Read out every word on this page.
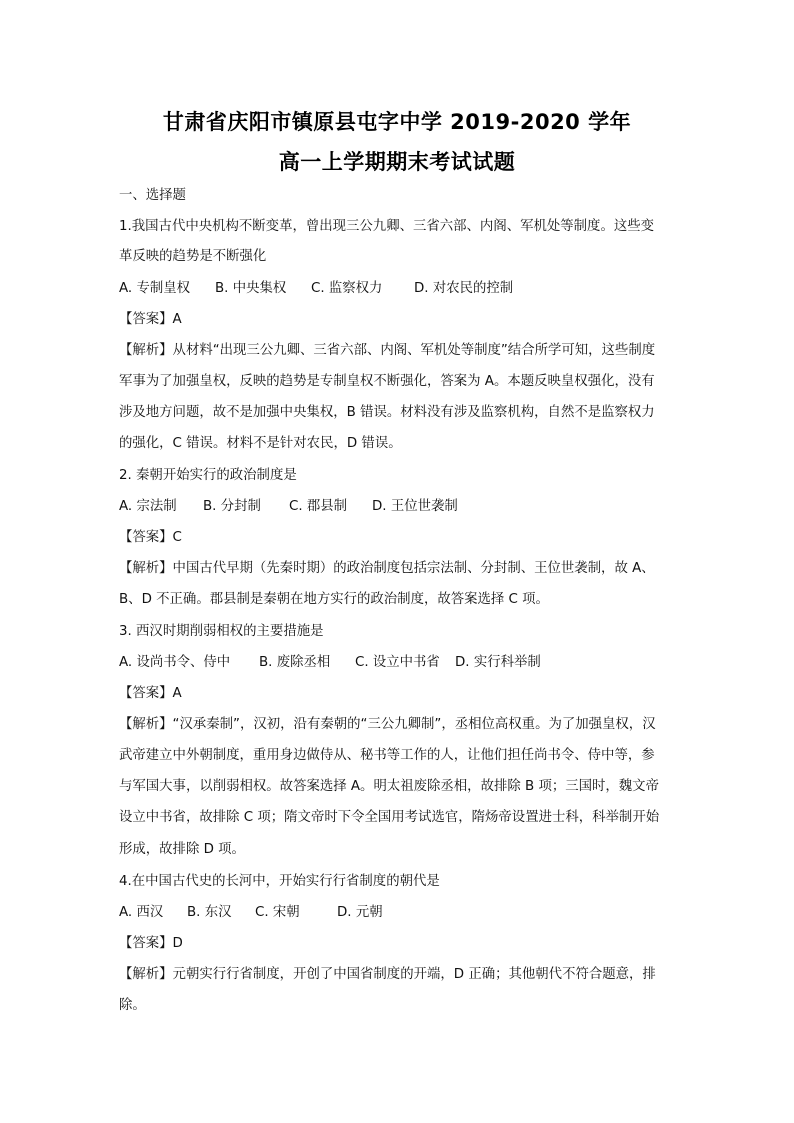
甘肃省庆阳市镇原县屯字中学 2019-2020 学年
高一上学期期末考试试题
一、选择题
1.我国古代中央机构不断变革，曾出现三公九卿、三省六部、内阁、军机处等制度。这些变
革反映的趋势是不断强化
A. 专制皇权 B. 中央集权 C. 监察权力 D. 对农民的控制
【答案】A
【解析】从材料“出现三公九卿、三省六部、内阁、军机处等制度”结合所学可知，这些制度
军事为了加强皇权，反映的趋势是专制皇权不断强化，答案为 A。本题反映皇权强化，没有
涉及地方问题，故不是加强中央集权，B 错误。材料没有涉及监察机构，自然不是监察权力
的强化，C 错误。材料不是针对农民，D 错误。
2. 秦朝开始实行的政治制度是
A. 宗法制 B. 分封制 C. 郡县制 D. 王位世袭制
【答案】C
【解析】中国古代早期（先秦时期）的政治制度包括宗法制、分封制、王位世袭制，故 A、
B、D 不正确。郡县制是秦朝在地方实行的政治制度，故答案选择 C 项。
3. 西汉时期削弱相权的主要措施是
A. 设尚书令、侍中 B. 废除丞相 C. 设立中书省 D. 实行科举制
【答案】A
【解析】“汉承秦制”，汉初，沿有秦朝的“三公九卿制”，丞相位高权重。为了加强皇权，汉
武帝建立中外朝制度，重用身边做侍从、秘书等工作的人，让他们担任尚书令、侍中等，参
与军国大事，以削弱相权。故答案选择 A。明太祖废除丞相，故排除 B 项；三国时，魏文帝
设立中书省，故排除 C 项；隋文帝时下令全国用考试选官，隋炀帝设置进士科，科举制开始
形成，故排除 D 项。
4.在中国古代史的长河中，开始实行行省制度的朝代是
A. 西汉 B. 东汉 C. 宋朝	D. 元朝
【答案】D
【解析】元朝实行行省制度，开创了中国省制度的开端，D 正确；其他朝代不符合题意，排
除。
